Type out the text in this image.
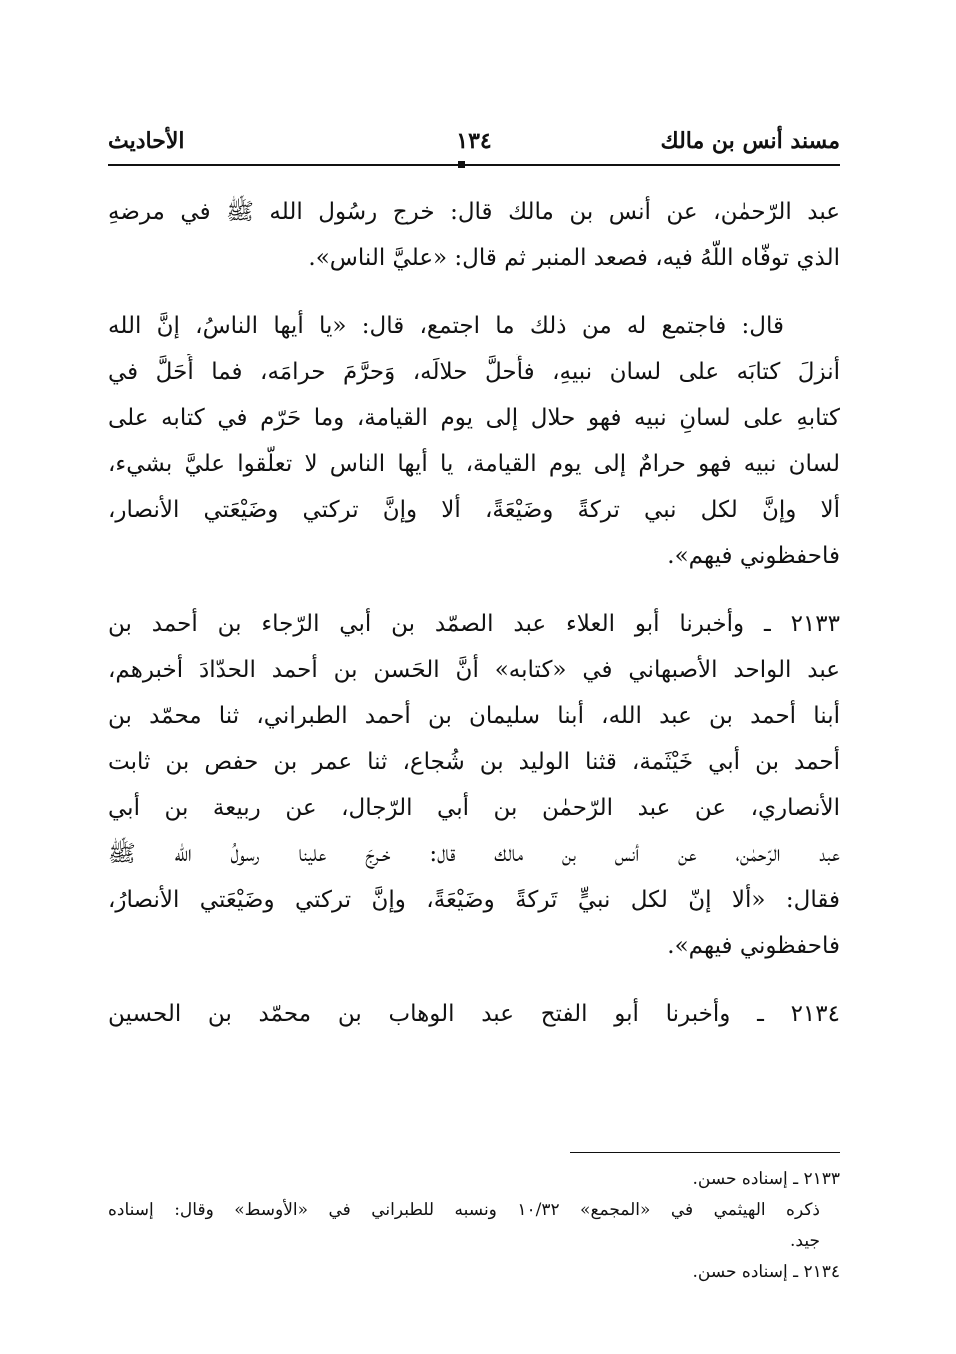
مسند أنس بن مالك
١٣٤
الأحاديث
عبد الرّحمٰن، عن أنس بن مالك قال: خرج رسُول الله ﷺ في مرضهِ
الذي توفّاه اللّهُ فيه، فصعد المنبر ثم قال: «عليَّ الناس».
قال: فاجتمع له من ذلك ما اجتمع، قال: «يا أيها الناسُ، إنَّ الله
أنزلَ كتابَه على لسان نبيهِ، فأَحلَّ حلالَه، وَحرَّمَ حرامَه، فما أُحَلَّ في
كتابهِ على لسانِ نبيه فهو حلال إلى يوم القيامة، وما حَرّم في كتابه على
لسان نبيه فهو حرامٌ إلى يوم القيامة، يا أيها الناس لا تعلّقوا عليَّ بشيء،
ألا وإنَّ لكل نبي تركةً وضَيْعَةً، ألا وإنَّ تركتي وضَيْعَتي الأنصار،
فاحفظوني فيهم».
٢١٣٣ ـ وأخبرنا أبو العلاء عبد الصمّد بن أبي الرّجاء بن أحمد بن
عبد الواحد الأصبهاني في «كتابه» أنَّ الحَسن بن أحمد الحدّادَ أخبرهم،
أبنا أحمد بن عبد الله، أبنا سليمان بن أحمد الطبراني، ثنا محمّد بن
أحمد بن أبي خَيْثَمة، قثنا الوليد بن شُجاع، ثنا عمر بن حفص بن ثابت
الأنصاري، عن عبد الرّحمٰن بن أبي الرّجال، عن ربيعة بن أبي
عبد الرّحمٰن، عن أنس بن مالك قال: خـرجَ علينا رسولُ الله ﷺ
فقال: «ألا إنّ لكل نبيٍّ تَركةً وضَيْعَةً، وإنَّ تركتي وضَيْعَتي الأنصارُ،
فاحفظوني فيهم».
٢١٣٤ ـ وأخبرنا أبو الفتح عبد الوهاب بن محمّد بن الحسين
٢١٣٣ ـ إسناده حسن.
ذكره الهيثمي في «المجمع» ١٠/٣٢ ونسبه للطبراني في «الأوسط» وقال: إسناده
جيد.
٢١٣٤ ـ إسناده حسن.
